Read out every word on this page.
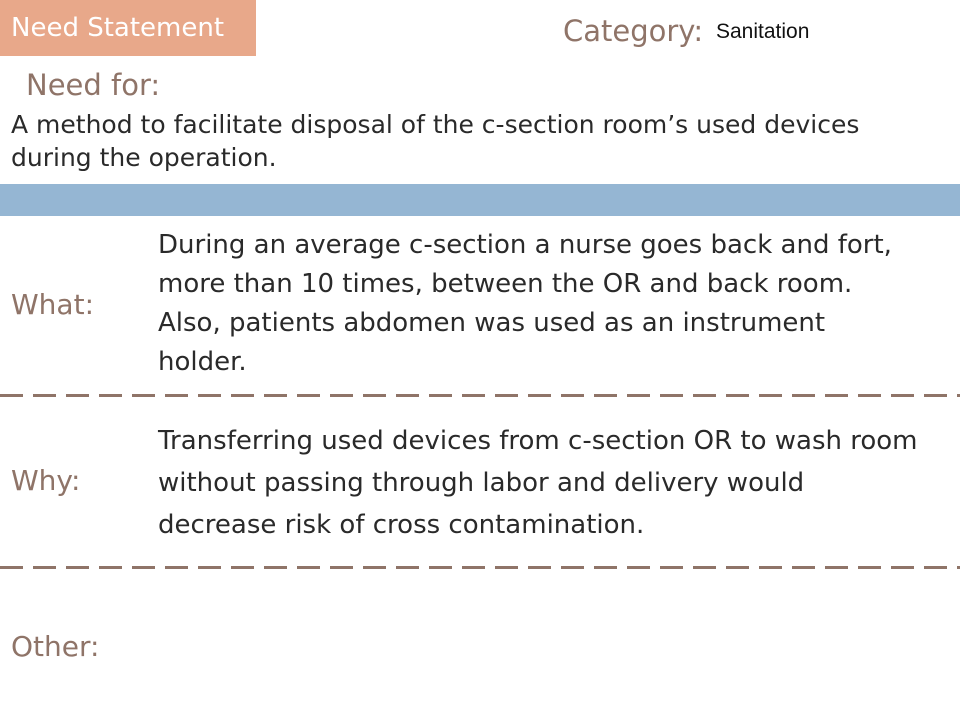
Need Statement	Category: Sanitation
Need for:
A method to facilitate disposal of the c-section room’s used devices during the operation.
What:
During an average c-section a nurse goes back and fort, more than 10 times, between the OR and back room. Also, patients abdomen was used as an instrument holder.
Why:
Transferring used devices from c-section OR to wash room without passing through labor and delivery would decrease risk of cross contamination.
Other:
